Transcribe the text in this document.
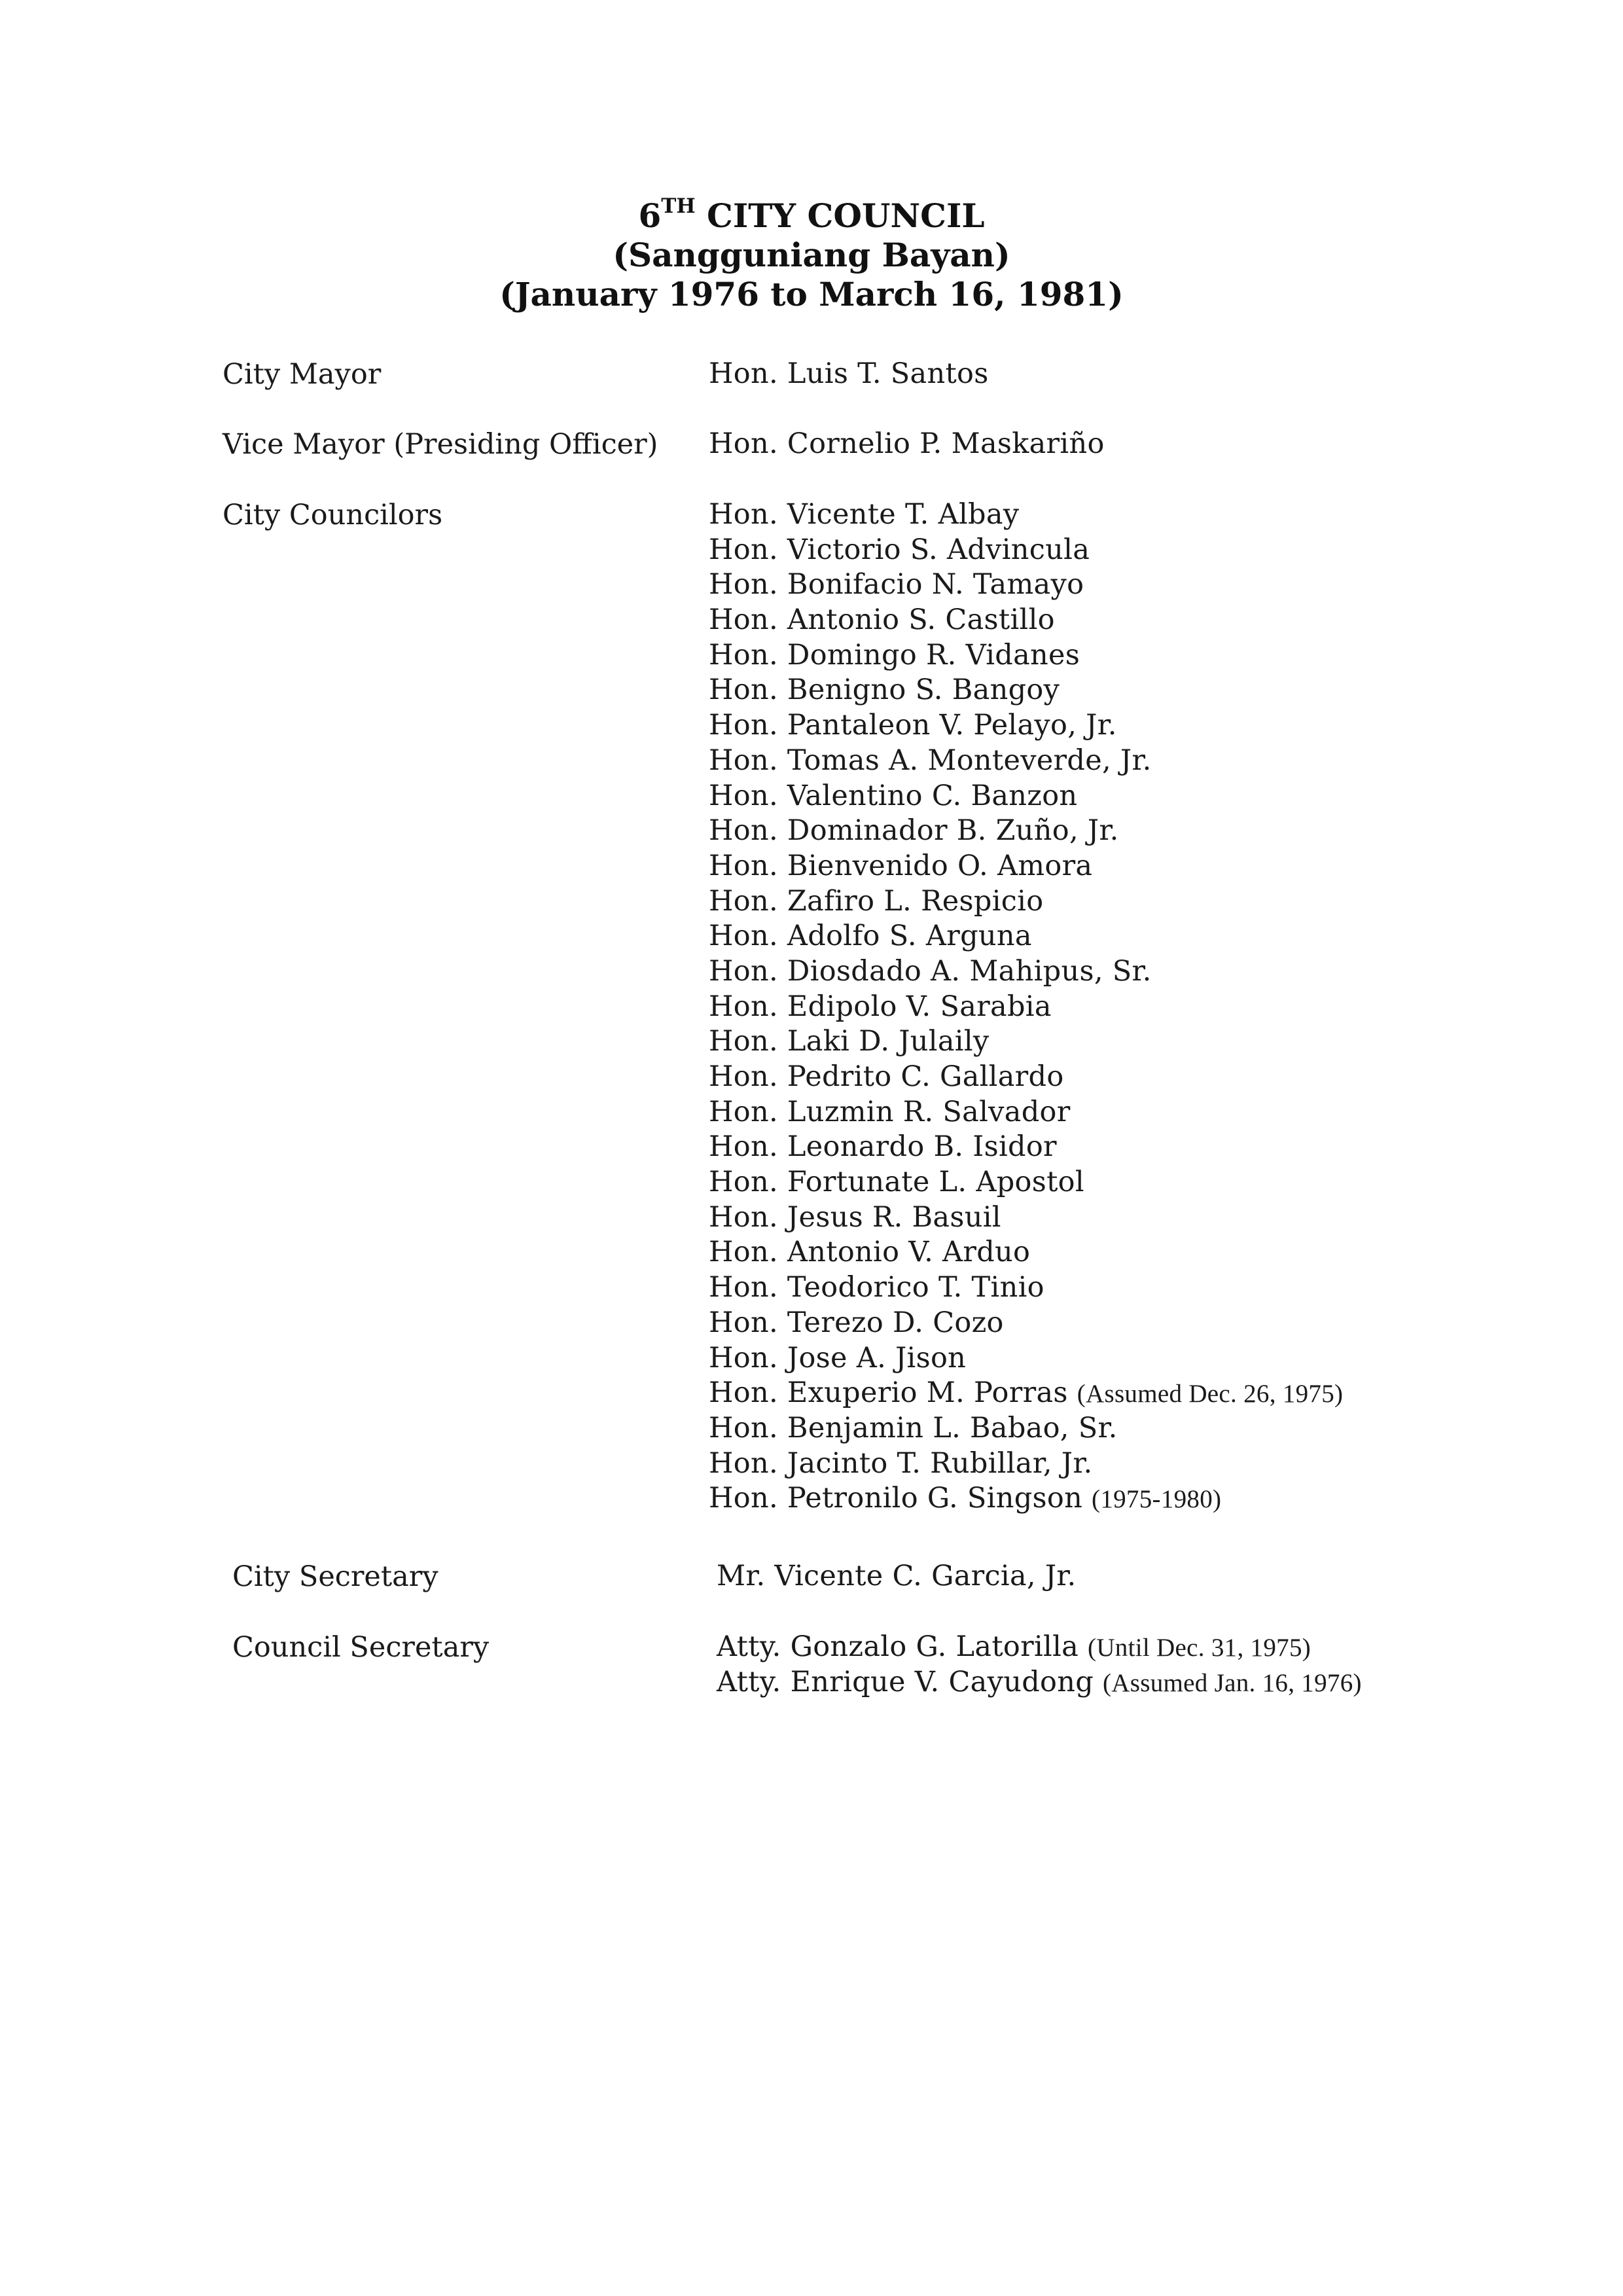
6TH CITY COUNCIL
(Sangguniang Bayan)
(January 1976 to March 16, 1981)
City Mayor	Hon. Luis T. Santos
Vice Mayor (Presiding Officer) Hon. Cornelio P. Maskariño
City Councilors	Hon. Vicente T. Albay
Hon. Victorio S. Advincula
Hon. Bonifacio N. Tamayo
Hon. Antonio S. Castillo
Hon. Domingo R. Vidanes
Hon. Benigno S. Bangoy
Hon. Pantaleon V. Pelayo, Jr.
Hon. Tomas A. Monteverde, Jr.
Hon. Valentino C. Banzon
Hon. Dominador B. Zuño, Jr.
Hon. Bienvenido O. Amora
Hon. Zafiro L. Respicio
Hon. Adolfo S. Arguna
Hon. Diosdado A. Mahipus, Sr.
Hon. Edipolo V. Sarabia
Hon. Laki D. Julaily
Hon. Pedrito C. Gallardo
Hon. Luzmin R. Salvador
Hon. Leonardo B. Isidor
Hon. Fortunate L. Apostol
Hon. Jesus R. Basuil
Hon. Antonio V. Arduo
Hon. Teodorico T. Tinio
Hon. Terezo D. Cozo
Hon. Jose A. Jison
Hon. Exuperio M. Porras (Assumed Dec. 26, 1975)
Hon. Benjamin L. Babao, Sr.
Hon. Jacinto T. Rubillar, Jr.
Hon. Petronilo G. Singson (1975-1980)
City Secretary	Mr. Vicente C. Garcia, Jr.
Council Secretary	Atty. Gonzalo G. Latorilla (Until Dec. 31, 1975)
Atty. Enrique V. Cayudong (Assumed Jan. 16, 1976)
